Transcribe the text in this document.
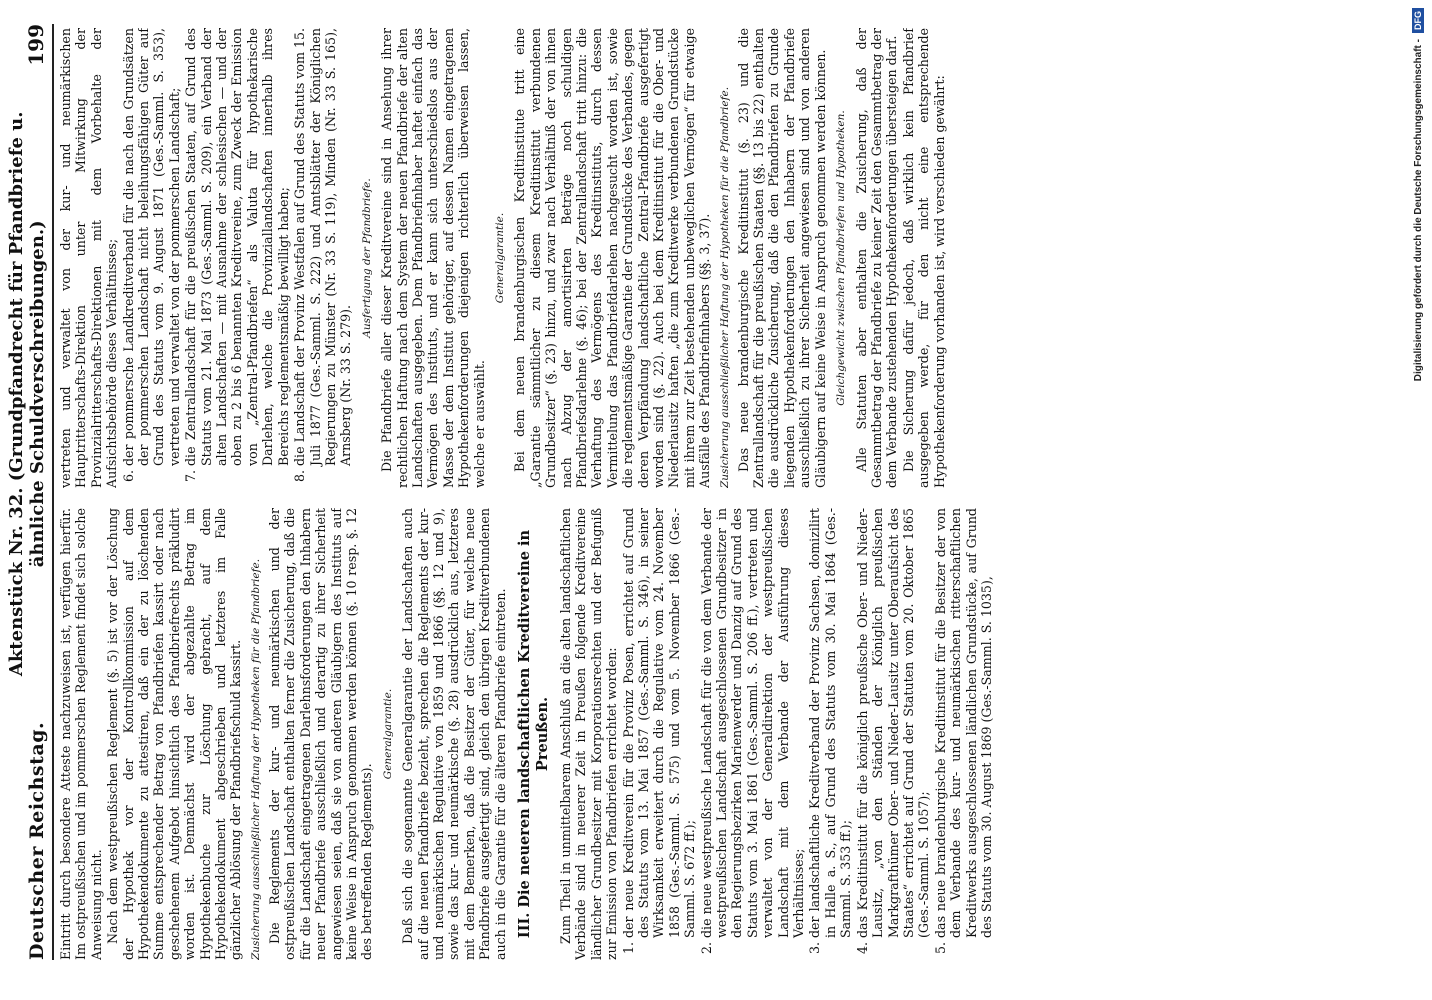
Deutscher Reichstag.
Aktenstück Nr. 32. (Grundpfandrecht für Pfandbriefe u. ähnliche Schuldverschreibungen.)
199

Eintritt durch besondere Atteste nachzuweisen ist, verfügen hierfür. Im ostpreußischen und im pommerschen Reglement findet sich solche Anweisung nicht. Nach dem westpreußischen Reglement (§. 5) ist vor der Löschung der Hypothek vor der Kontrollkommission auf dem Hypothekendokumente zu attestiren, daß ein der zu löschenden Summe entsprechender Betrag von Pfandbriefen kassirt oder nach geschehenem Aufgebot hinsichtlich des Pfandbriefrechts präkludirt worden ist. Demnächst wird der abgezahlte Betrag im Hypothekenbuche zur Löschung gebracht, auf dem Hypothekendokument abgeschrieben und letzteres im Falle gänzlicher Ablösung der Pfandbriefschuld kassirt. Zusicherung ausschließlicher Haftung der Hypotheken für die Pfandbriefe. Die Reglements der kur- und neumärkischen und der ostpreußischen Landschaft enthalten ferner die Zusicherung, daß die für die Landschaft eingetragenen Darlehnsforderungen den Inhabern neuer Pfandbriefe ausschließlich und derartig zu ihrer Sicherheit angewiesen seien, daß sie von anderen Gläubigern des Instituts auf keine Weise in Anspruch genommen werden können (§. 10 resp. §. 12 des betreffenden Reglements).

Generalgarantie. Daß sich die sogenannte Generalgarantie der Landschaften auch auf die neuen Pfandbriefe bezieht, sprechen die Reglements der kur- und neumärkischen Regulative von 1859 und 1866 (§§. 12 und 9), sowie das kur- und neumärkische (§. 28) ausdrücklich aus, letzteres mit dem Bemerken, daß die Besitzer der Güter, für welche neue Pfandbriefe ausgefertigt sind, gleich den übrigen Kreditverbundenen auch in die Garantie für die älteren Pfandbriefe eintreten. III. Die neueren landschaftlichen Kreditvereine in Preußen. Zum Theil in unmittelbarem Anschluß an die alten landschaftlichen Verbände sind in neuerer Zeit in Preußen folgende Kreditvereine ländlicher Grundbesitzer mit Korporationsrechten und der Befugniß zur Emission von Pfandbriefen errichtet worden: 1. der neue Kreditverein für die Provinz Posen, errichtet auf Grund des Statuts vom 13. Mai 1857 (Ges.-Samml. S. 346), in seiner Wirksamkeit erweitert durch die Regulative vom 24. November 1858 (Ges.-Samml. S. 575) und vom 5. November 1866 (Ges.-Samml. S. 672 ff.); 2. die neue westpreußische Landschaft für die von dem Verbande der westpreußischen Landschaft ausgeschlossenen Grundbesitzer in den Regierungsbezirken Marienwerder und Danzig auf Grund des Statuts vom 3. Mai 1861 (Ges.-Samml. S. 206 ff.), vertreten und verwaltet von der Generaldirektion der westpreußischen Landschaft mit dem Verbande der Ausführung dieses Verhältnisses; 3. der landschaftliche Kreditverband der Provinz Sachsen, domizilirt in Halle a. S., auf Grund des Statuts vom 30. Mai 1864 (Ges.-Samml. S. 353 ff.); 4. das Kreditinstitut für die königlich preußische Ober- und Nieder-Lausitz, „von den Ständen der Königlich preußischen Markgrafthümer Ober- und Nieder-Lausitz unter Oberaufsicht des Staates“ errichtet auf Grund der Statuten vom 20. Oktober 1865 (Ges.-Samml. S. 1057); 5. das neue brandenburgische Kreditinstitut für die Besitzer der von dem Verbande des kur- und neumärkischen ritterschaftlichen Kreditwerks ausgeschlossenen ländlichen Grundstücke, auf Grund des Statuts vom 30. August 1869 (Ges.-Samml. S. 1035),

vertreten und verwaltet von der kur- und neumärkischen Hauptritterschafts-Direktion unter Mitwirkung der Provinzialritterschafts-Direktionen mit dem Vorbehalte der Aufsichtsbehörde dieses Verhältnisses; 6. der pommersche Landkreditverband für die nach den Grundsätzen der pommerschen Landschaft nicht beleihungsfähigen Güter auf Grund des Statuts vom 9. August 1871 (Ges.-Samml. S. 353), vertreten und verwaltet von der pommerschen Landschaft; 7. die Zentrallandschaft für die preußischen Staaten, auf Grund des Statuts vom 21. Mai 1873 (Ges.-Samml. S. 209), ein Verband der alten Landschaften — mit Ausnahme der schlesischen — und der oben zu 2 bis 6 benannten Kreditvereine, zum Zweck der Emission von „Zentral-Pfandbriefen“ als Valuta für hypothekarische Darlehen, welche die Provinziallandschaften innerhalb ihres Bereichs reglementsmäßig bewilligt haben; 8. die Landschaft der Provinz Westfalen auf Grund des Statuts vom 15. Juli 1877 (Ges.-Samml. S. 222) und Amtsblätter der Königlichen Regierungen zu Münster (Nr. 33 S. 119), Minden (Nr. 33 S. 165), Arnsberg (Nr. 33 S. 279).

Ausfertigung der Pfandbriefe. Die Pfandbriefe aller dieser Kreditvereine sind in Ansehung ihrer rechtlichen Haftung nach dem System der neuen Pfandbriefe der alten Landschaften ausgegeben. Dem Pfandbriefinhaber haftet einfach das Vermögen des Instituts, und er kann sich unterschiedslos aus der Masse der dem Institut gehöriger, auf dessen Namen eingetragenen Hypothekenforderungen diejenigen richterlich überweisen lassen, welche er auswählt.

Generalgarantie. Bei dem neuen brandenburgischen Kreditinstitute tritt eine „Garantie sämmtlicher zu diesem Kreditinstitut verbundenen Grundbesitzer“ (§. 23) hinzu, und zwar nach Verhältniß der von ihnen nach Abzug der amortisirten Beträge noch schuldigen Pfandbriefsdarlehne (§. 46); bei der Zentrallandschaft tritt hinzu: die Verhaftung des Vermögens des Kreditinstituts, durch dessen Vermittelung das Pfandbriefdarlehen nachgesucht worden ist, sowie die reglementsmäßige Garantie der Grundstücke des Verbandes, gegen deren Verpfändung landschaftliche Zentral-Pfandbriefe ausgefertigt worden sind (§. 22). Auch bei dem Kreditinstitut für die Ober- und Niederlausitz haften „die zum Kreditwerke verbundenen Grundstücke mit ihrem zur Zeit bestehenden unbeweglichen Vermögen“ für etwaige Ausfälle des Pfandbriefinhabers (§§. 3, 37). Zusicherung ausschließlicher Haftung der Hypotheken für die Pfandbriefe. Das neue brandenburgische Kreditinstitut (§. 23) und die Zentrallandschaft für die preußischen Staaten (§§. 13 bis 22) enthalten die ausdrückliche Zusicherung, daß die den Pfandbriefen zu Grunde liegenden Hypothekenforderungen den Inhabern der Pfandbriefe ausschließlich zu ihrer Sicherheit angewiesen sind und von anderen Gläubigern auf keine Weise in Anspruch genommen werden können. Gleichgewicht zwischen Pfandbriefen und Hypotheken. Alle Statuten aber enthalten die Zusicherung, daß der Gesammtbetrag der Pfandbriefe zu keiner Zeit den Gesammtbetrag der dem Verbande zustehenden Hypothekenforderungen übersteigen darf. Die Sicherung dafür jedoch, daß wirklich kein Pfandbrief ausgegeben werde, für den nicht eine entsprechende Hypothekenforderung vorhanden ist, wird verschieden gewährt:	Digitalisierung gefördert durch die Deutsche Forschungsgemeinschaft -
DFG
